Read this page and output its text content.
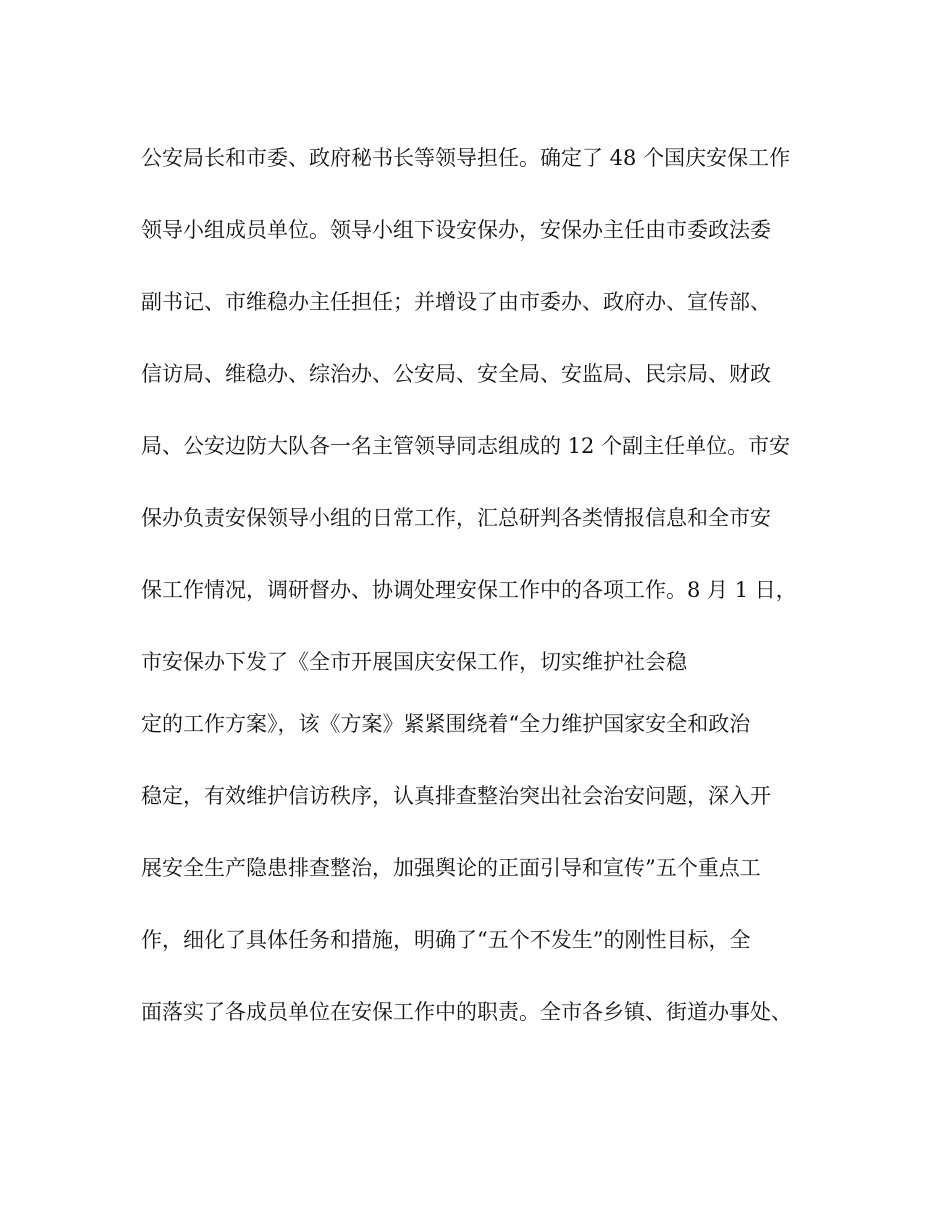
公安局长和市委、政府秘书长等领导担任。确定了 48 个国庆安保工作
领导小组成员单位。领导小组下设安保办，安保办主任由市委政法委
副书记、市维稳办主任担任；并增设了由市委办、政府办、宣传部、
信访局、维稳办、综治办、公安局、安全局、安监局、民宗局、财政
局、公安边防大队各一名主管领导同志组成的 12 个副主任单位。市安
保办负责安保领导小组的日常工作，汇总研判各类情报信息和全市安
保工作情况，调研督办、协调处理安保工作中的各项工作。8 月 1 日，
市安保办下发了《全市开展国庆安保工作，切实维护社会稳
定的工作方案》，该《方案》紧紧围绕着“全力维护国家安全和政治
稳定，有效维护信访秩序，认真排查整治突出社会治安问题，深入开
展安全生产隐患排查整治，加强舆论的正面引导和宣传”五个重点工
作，细化了具体任务和措施，明确了“五个不发生”的刚性目标，全
面落实了各成员单位在安保工作中的职责。全市各乡镇、街道办事处、
